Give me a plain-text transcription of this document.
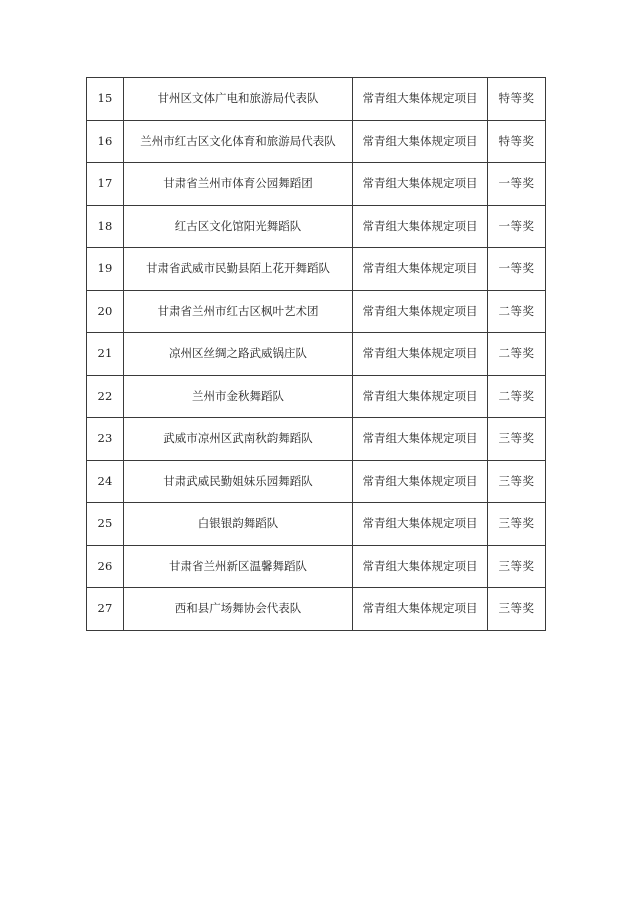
15	甘州区文体广电和旅游局代表队	常青组大集体规定项目	特等奖
16	兰州市红古区文化体育和旅游局代表队	常青组大集体规定项目	特等奖
17	甘肃省兰州市体育公园舞蹈团	常青组大集体规定项目	一等奖
18	红古区文化馆阳光舞蹈队	常青组大集体规定项目	一等奖
19	甘肃省武威市民勤县陌上花开舞蹈队	常青组大集体规定项目	一等奖
20	甘肃省兰州市红古区枫叶艺术团	常青组大集体规定项目	二等奖
21	凉州区丝绸之路武威锅庄队	常青组大集体规定项目	二等奖
22	兰州市金秋舞蹈队	常青组大集体规定项目	二等奖
23	武威市凉州区武南秋韵舞蹈队	常青组大集体规定项目	三等奖
24	甘肃武威民勤姐妹乐园舞蹈队	常青组大集体规定项目	三等奖
25	白银银韵舞蹈队	常青组大集体规定项目	三等奖
26	甘肃省兰州新区温馨舞蹈队	常青组大集体规定项目	三等奖
27	西和县广场舞协会代表队	常青组大集体规定项目	三等奖
